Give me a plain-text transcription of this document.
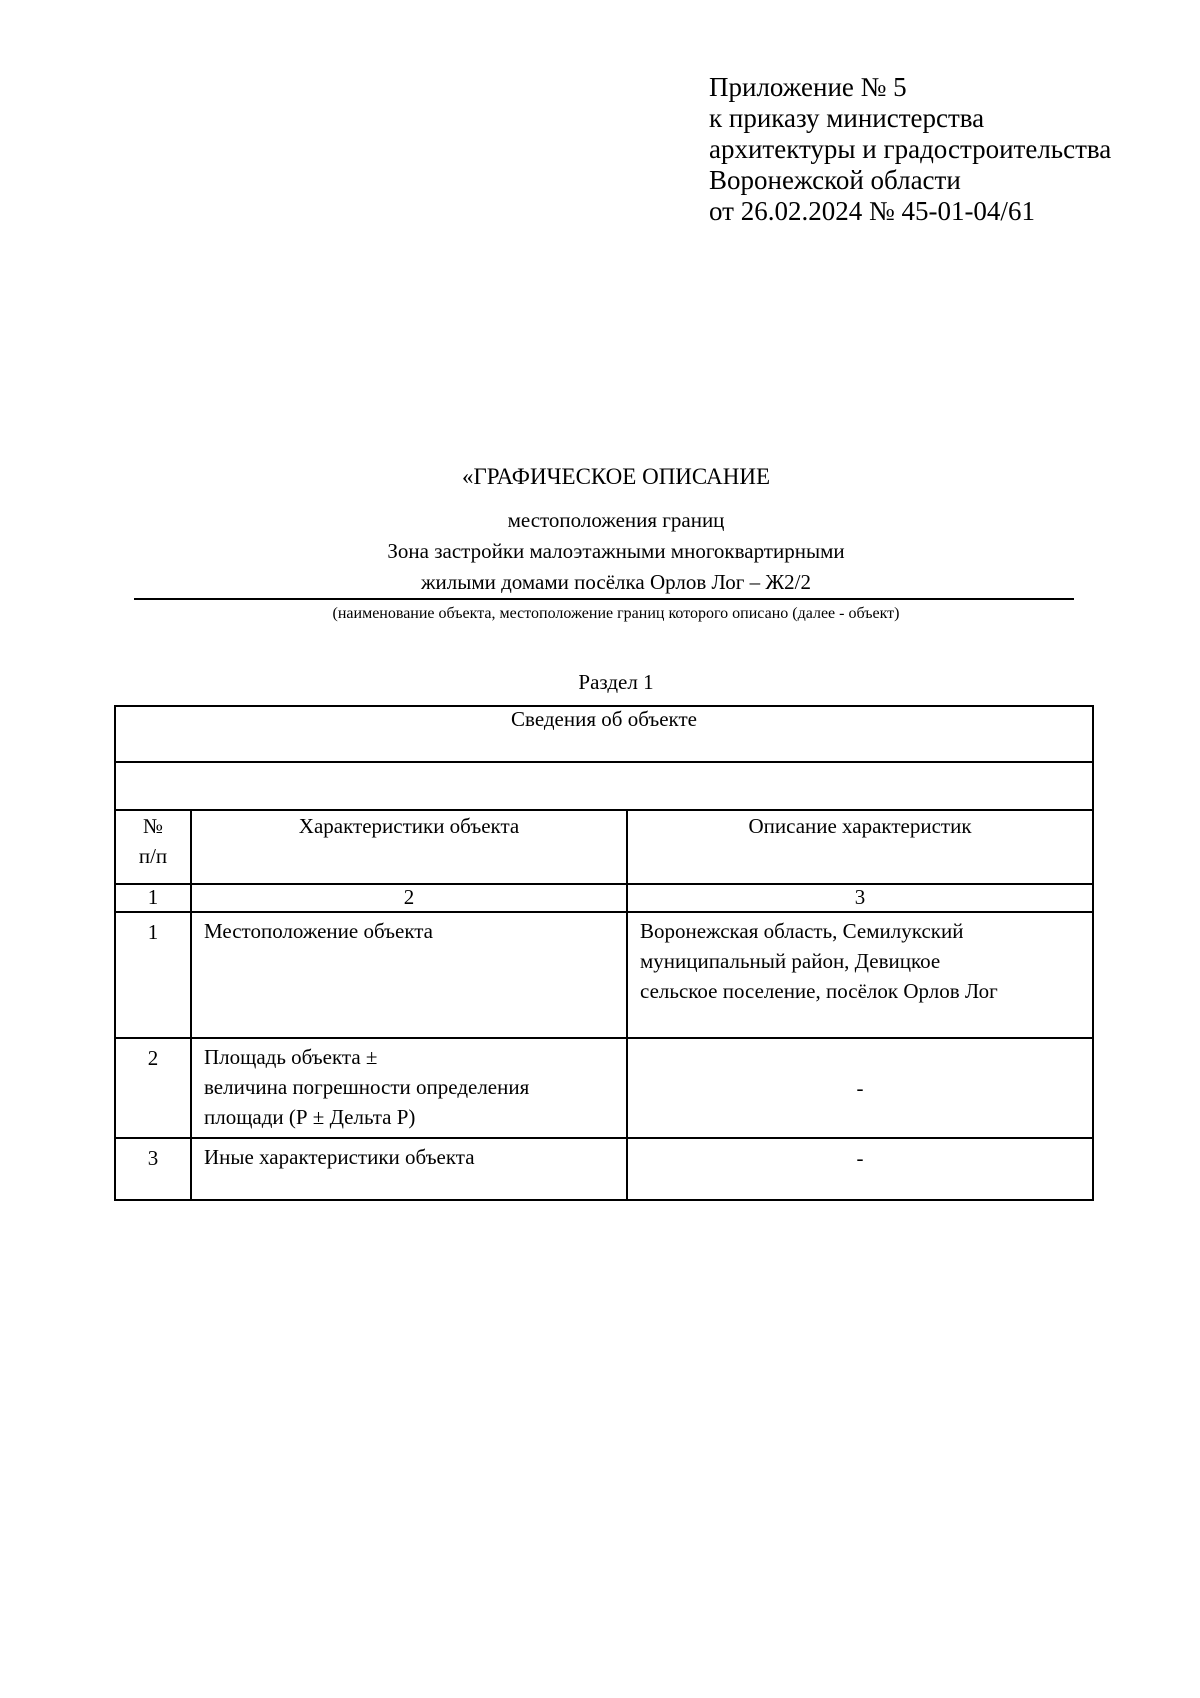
Приложение № 5
к приказу министерства
архитектуры и градостроительства
Воронежской области
от 26.02.2024 № 45-01-04/61
«ГРАФИЧЕСКОЕ ОПИСАНИЕ
местоположения границ
Зона застройки малоэтажными многоквартирными
жилыми домами посёлка Орлов Лог – Ж2/2
(наименование объекта, местоположение границ которого описано (далее - объект)
Раздел 1
Сведения об объекте		

№
п/п	Характеристики объекта	Описание характеристик
1	2	3
1	Местоположение объекта	Воронежская область, Семилукский
муниципальный район, Девицкое
сельское поселение, посёлок Орлов Лог

2	Площадь объекта ±
величина погрешности определения
площади (Р ± Дельта Р)	-
3	Иные характеристики объекта	-
